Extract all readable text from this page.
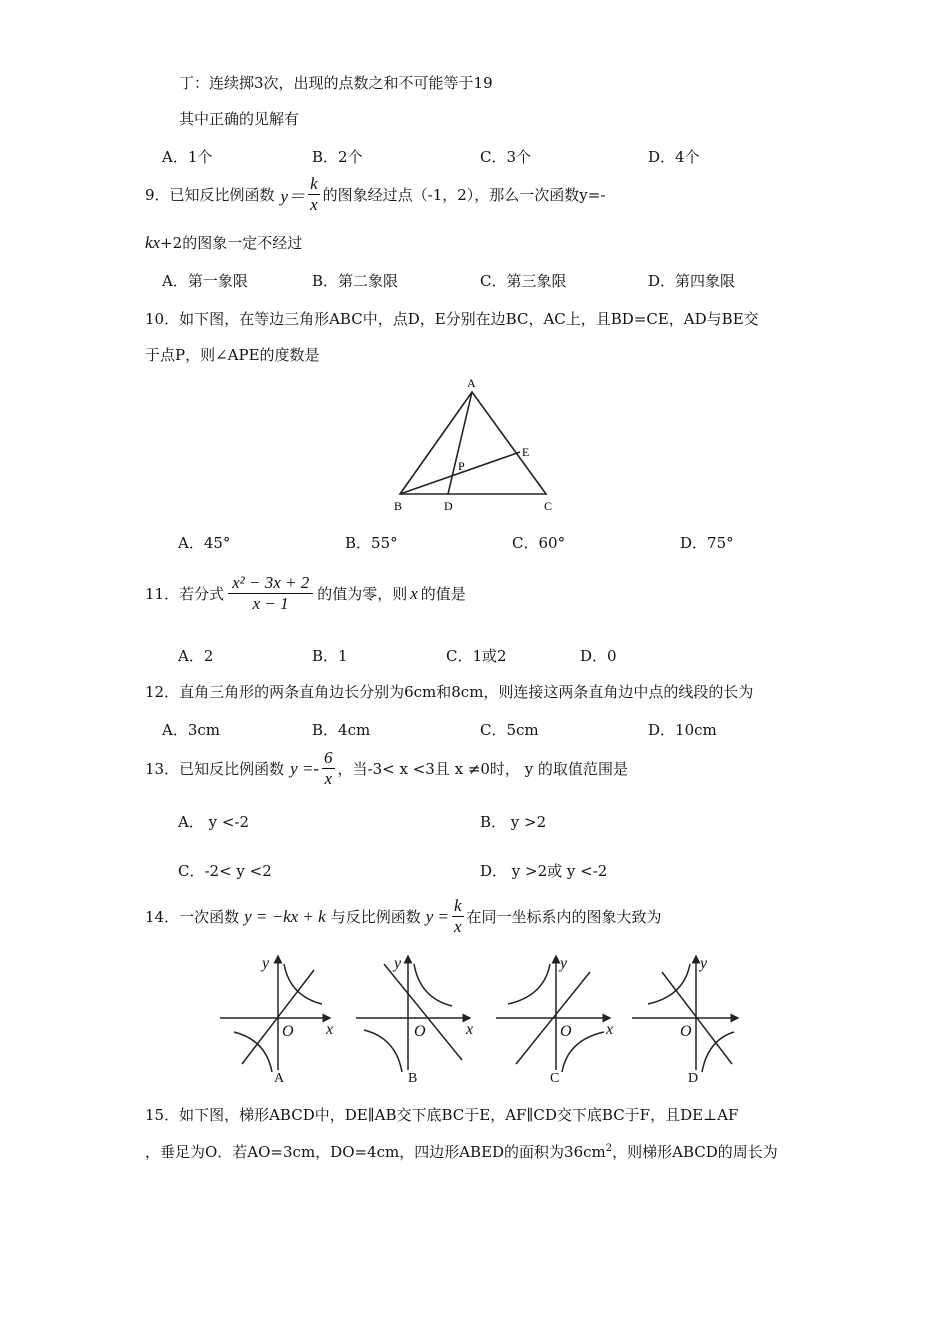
丁：连续掷3次，出现的点数之和不可能等于19
其中正确的见解有
A．1个	B．2个	C．3个	D．4个
9．已知反比例函数 $y= \frac{k}{x}$ 的图象经过点（-1，2），那么一次函数y=-
kx+2的图象一定不经过
A．第一象限	B．第二象限	C．第三象限	D．第四象限
10．如下图，在等边三角形ABC中，点D，E分别在边BC，AC上，且BD=CE，AD与BE交
于点P，则∠APE的度数是
A
B	D	C
E
P
A．45°	B．55°	C．60°	D．75°
11．若分式 $\frac{\text{x² − 3x + 2}}{x - 1}$ 的值为零，则 x 的值是
A．2	B．1	C．1或2	D．0
12．直角三角形的两条直角边长分别为6cm和8cm，则连接这两条直角边中点的线段的长为
A．3cm	B．4cm	C．5cm	D．10cm
13．已知反比例函数 $y =- \frac{6}{x}$ ，当-3< x <3且 x ≠0时， y 的取值范围是
A． y <-2	B． y >2
C．-2< y <2	D． y >2或 y <-2
14．一次函数 y = −kx + k 与反比例函数 $y = \frac{k}{x}$ 在同一坐标系内的图象大致为
y
x
O
y
x
O
y
x
O
y
O
A	B	C	D
15．如下图，梯形ABCD中，DE∥AB交下底BC于E，AF∥CD交下底BC于F，且DE⊥AF
，垂足为O．若AO=3cm，DO=4cm，四边形ABED的面积为$36cm^2$，则梯形ABCD的周长为
